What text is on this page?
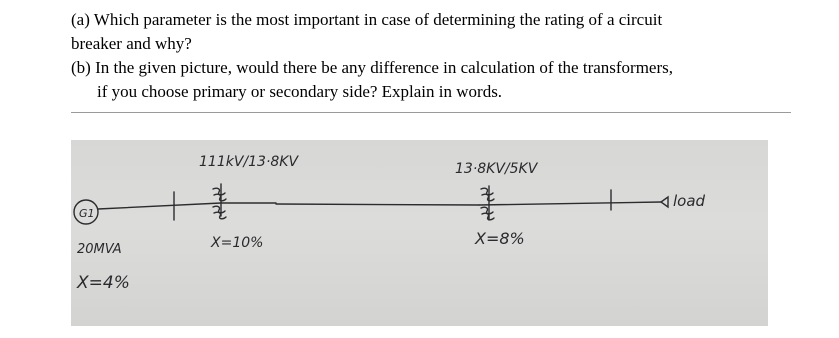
(a) Which parameter is the most important in case of determining the rating of a circuit
breaker and why?
(b) In the given picture, would there be any difference in calculation of the transformers,
if you choose primary or secondary side? Explain in words.
G1
20MVA
X=4%
111kV/13·8KV
X=10%
13·8KV/5KV
X=8%
load
